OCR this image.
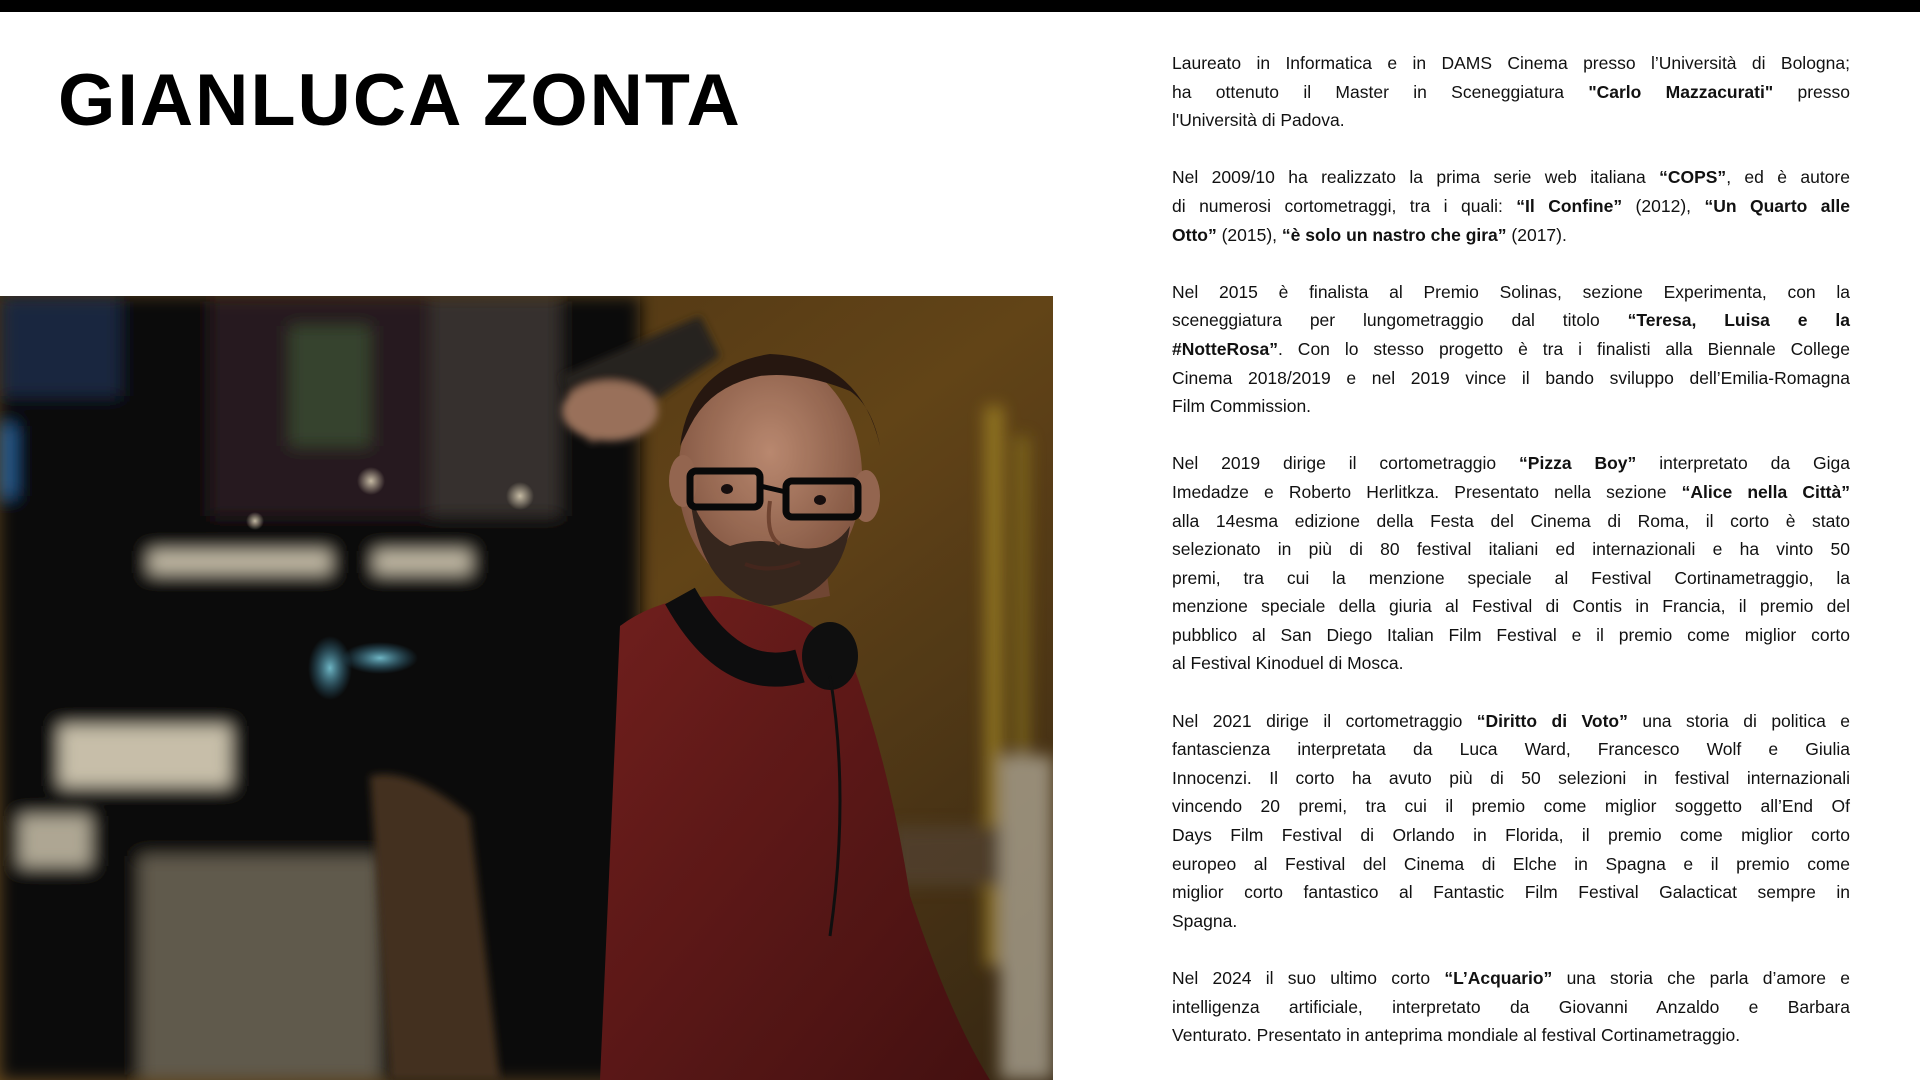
GIANLUCA ZONTA	Laureato in Informatica e in DAMS Cinema presso l’Università di Bologna;
ha ottenuto il Master in Sceneggiatura "Carlo Mazzacurati" presso
l'Università di Padova.

Nel 2009/10 ha realizzato la prima serie web italiana “COPS”, ed è autore
di numerosi cortometraggi, tra i quali: “Il Confine” (2012), “Un Quarto alle
Otto” (2015), “è solo un nastro che gira” (2017).

Nel 2015 è finalista al Premio Solinas, sezione Experimenta, con la
sceneggiatura per lungometraggio dal titolo “Teresa, Luisa e la
#NotteRosa”. Con lo stesso progetto è tra i finalisti alla Biennale College
Cinema 2018/2019 e nel 2019 vince il bando sviluppo dell’Emilia-Romagna
Film Commission.

Nel 2019 dirige il cortometraggio “Pizza Boy” interpretato da Giga
Imedadze e Roberto Herlitkza. Presentato nella sezione “Alice nella Città”
alla 14esma edizione della Festa del Cinema di Roma, il corto è stato
selezionato in più di 80 festival italiani ed internazionali e ha vinto 50
premi, tra cui la menzione speciale al Festival Cortinametraggio, la
menzione speciale della giuria al Festival di Contis in Francia, il premio del
pubblico al San Diego Italian Film Festival e il premio come miglior corto
al Festival Kinoduel di Mosca.

Nel 2021 dirige il cortometraggio “Diritto di Voto” una storia di politica e
fantascienza interpretata da Luca Ward, Francesco Wolf e Giulia
Innocenzi. Il corto ha avuto più di 50 selezioni in festival internazionali
vincendo 20 premi, tra cui il premio come miglior soggetto all’End Of
Days Film Festival di Orlando in Florida, il premio come miglior corto
europeo al Festival del Cinema di Elche in Spagna e il premio come
miglior corto fantastico al Fantastic Film Festival Galacticat sempre in
Spagna.

Nel 2024 il suo ultimo corto “L’Acquario” una storia che parla d’amore e
intelligenza artificiale, interpretato da Giovanni Anzaldo e Barbara
Venturato. Presentato in anteprima mondiale al festival Cortinametraggio.
